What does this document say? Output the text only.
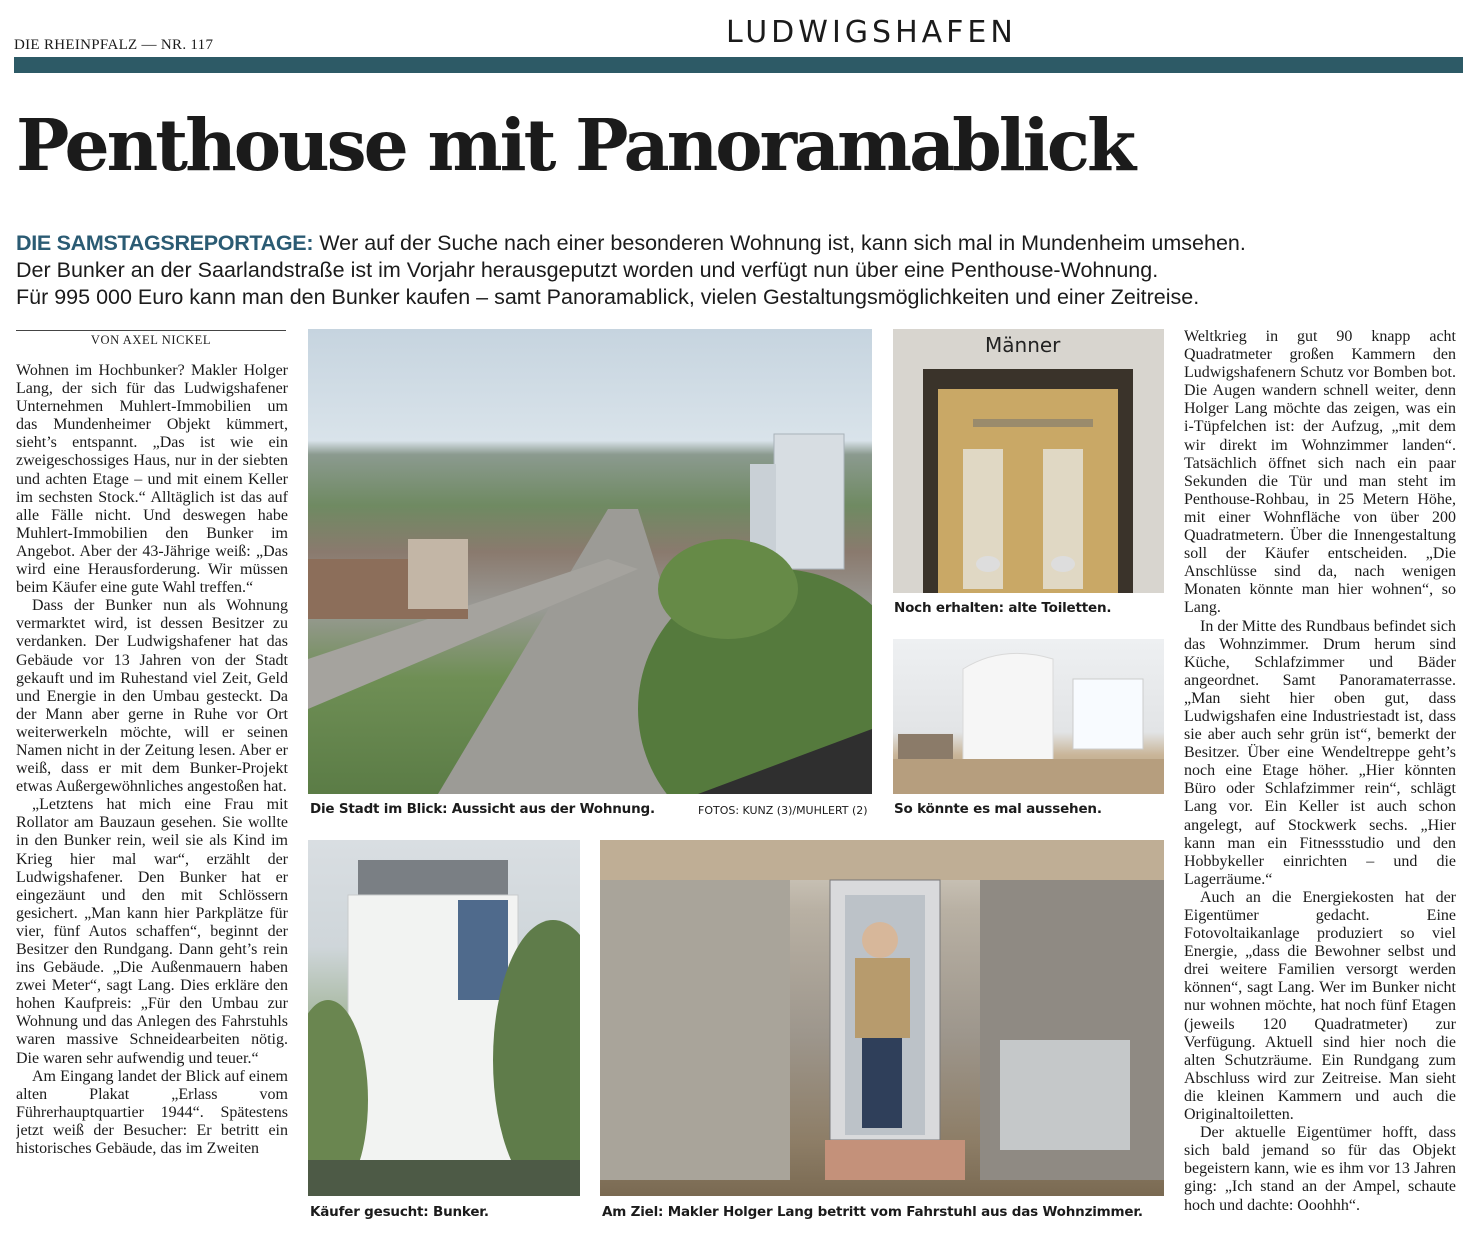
DIE RHEINPFALZ — NR. 117	LUDWIGSHAFEN
Penthouse mit Panoramablick
DIE SAMSTAGSREPORTAGE: Wer auf der Suche nach einer besonderen Wohnung ist, kann sich mal in Mundenheim umsehen.
Der Bunker an der Saarlandstraße ist im Vorjahr herausgeputzt worden und verfügt nun über eine Penthouse-Wohnung.
Für 995 000 Euro kann man den Bunker kaufen – samt Panoramablick, vielen Gestaltungsmöglichkeiten und einer Zeitreise.
VON AXEL NICKEL

Wohnen im Hochbunker? Makler Holger Lang, der sich für das Ludwigshafener Unternehmen Muhlert-Immobilien um das Mundenheimer Objekt kümmert, sieht’s entspannt. „Das ist wie ein zweigeschossiges Haus, nur in der siebten und achten Etage – und mit einem Keller im sechsten Stock.“ Alltäglich ist das auf alle Fälle nicht. Und deswegen habe Muhlert-Immobilien den Bunker im Angebot. Aber der 43-Jährige weiß: „Das wird eine Herausforderung. Wir müssen beim Käufer eine gute Wahl treffen.“

Dass der Bunker nun als Wohnung vermarktet wird, ist dessen Besitzer zu verdanken. Der Ludwigshafener hat das Gebäude vor 13 Jahren von der Stadt gekauft und im Ruhestand viel Zeit, Geld und Energie in den Umbau gesteckt. Da der Mann aber gerne in Ruhe vor Ort weiterwerkeln möchte, will er seinen Namen nicht in der Zeitung lesen. Aber er weiß, dass er mit dem Bunker-Projekt etwas Außergewöhnliches angestoßen hat.

„Letztens hat mich eine Frau mit Rollator am Bauzaun gesehen. Sie wollte in den Bunker rein, weil sie als Kind im Krieg hier mal war“, erzählt der Ludwigshafener. Den Bunker hat er eingezäunt und den mit Schlössern gesichert. „Man kann hier Parkplätze für vier, fünf Autos schaffen“, beginnt der Besitzer den Rundgang. Dann geht’s rein ins Gebäude. „Die Außenmauern haben zwei Meter“, sagt Lang. Dies erkläre den hohen Kaufpreis: „Für den Umbau zur Wohnung und das Anlegen des Fahrstuhls waren massive Schneidearbeiten nötig. Die waren sehr aufwendig und teuer.“

Am Eingang landet der Blick auf einem alten Plakat „Erlass vom Führerhauptquartier 1944“. Spätestens jetzt weiß der Besucher: Er betritt ein historisches Gebäude, das im Zweiten

Weltkrieg in gut 90 knapp acht Quadratmeter großen Kammern den Ludwigshafenern Schutz vor Bomben bot. Die Augen wandern schnell weiter, denn Holger Lang möchte das zeigen, was ein i-Tüpfelchen ist: der Aufzug, „mit dem wir direkt im Wohnzimmer landen“. Tatsächlich öffnet sich nach ein paar Sekunden die Tür und man steht im Penthouse-Rohbau, in 25 Metern Höhe, mit einer Wohnfläche von über 200 Quadratmetern. Über die Innengestaltung soll der Käufer entscheiden. „Die Anschlüsse sind da, nach wenigen Monaten könnte man hier wohnen“, so Lang.

In der Mitte des Rundbaus befindet sich das Wohnzimmer. Drum herum sind Küche, Schlafzimmer und Bäder angeordnet. Samt Panoramaterrasse. „Man sieht hier oben gut, dass Ludwigshafen eine Industriestadt ist, dass sie aber auch sehr grün ist“, bemerkt der Besitzer. Über eine Wendeltreppe geht’s noch eine Etage höher. „Hier könnten Büro oder Schlafzimmer rein“, schlägt Lang vor. Ein Keller ist auch schon angelegt, auf Stockwerk sechs. „Hier kann man ein Fitnessstudio und den Hobbykeller einrichten – und die Lagerräume.“

Auch an die Energiekosten hat der Eigentümer gedacht. Eine Fotovoltaikanlage produziert so viel Energie, „dass die Bewohner selbst und drei weitere Familien versorgt werden können“, sagt Lang. Wer im Bunker nicht nur wohnen möchte, hat noch fünf Etagen (jeweils 120 Quadratmeter) zur Verfügung. Aktuell sind hier noch die alten Schutzräume. Ein Rundgang zum Abschluss wird zur Zeitreise. Man sieht die kleinen Kammern und auch die Originaltoiletten.

Der aktuelle Eigentümer hofft, dass sich bald jemand so für das Objekt begeistern kann, wie es ihm vor 13 Jahren ging: „Ich stand an der Ampel, schaute hoch und dachte: Ooohhh“.

Die Stadt im Blick: Aussicht aus der Wohnung.	FOTOS: KUNZ (3)/MUHLERT (2)
Männer
Noch erhalten: alte Toiletten.
So könnte es mal aussehen.
Käufer gesucht: Bunker.	Am Ziel: Makler Holger Lang betritt vom Fahrstuhl aus das Wohnzimmer.
